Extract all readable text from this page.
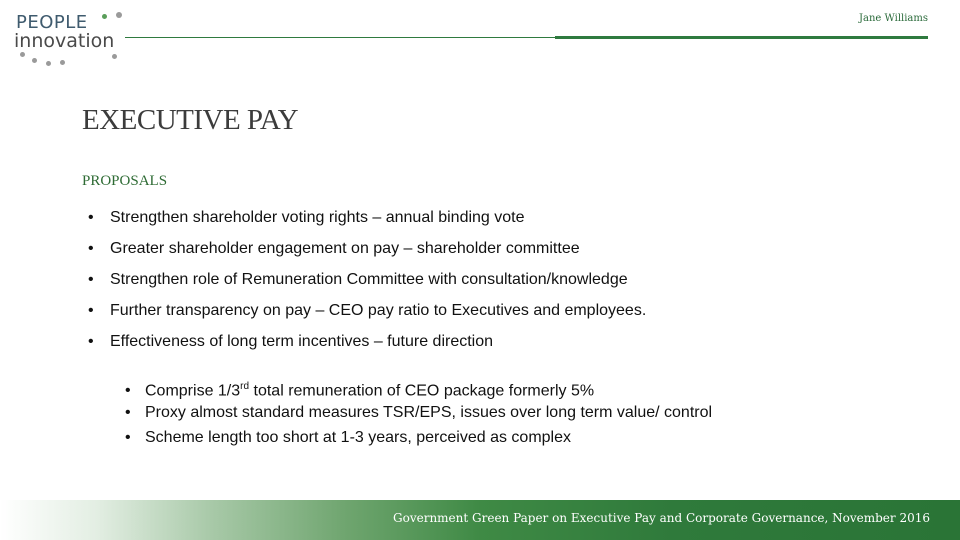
PEOPLE
innovation
Jane Williams
EXECUTIVE PAY
PROPOSALS
• Strengthen shareholder voting rights – annual binding vote
• Greater shareholder engagement on pay – shareholder committee
• Strengthen role of Remuneration Committee with consultation/knowledge
• Further transparency on pay – CEO pay ratio to Executives and employees.
• Effectiveness of long term incentives – future direction
• Comprise 1/3rd total remuneration of CEO package formerly 5%
• Proxy almost standard measures TSR/EPS, issues over long term value/ control
• Scheme length too short at 1-3 years, perceived as complex
Government Green Paper on Executive Pay and Corporate Governance, November 2016
